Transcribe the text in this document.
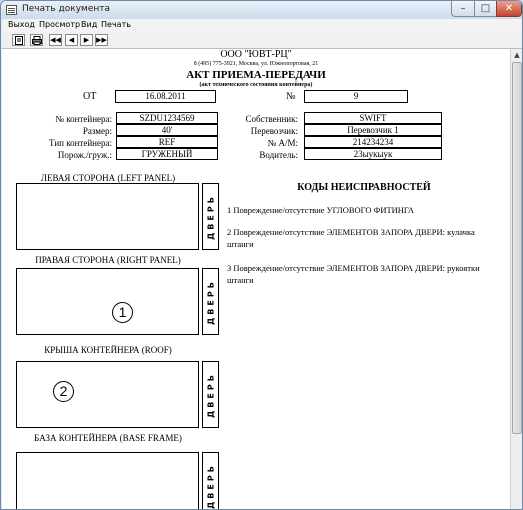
Печать документа	–	□	✕
Выход Просмотр Вид Печать
◀◀	◀	▶ ▶▶
ООО "ЮВТ-РЦ"
8 (495) 775-3921, Москва, ул. Южнопортовая, 21
АКТ ПРИЕМА-ПЕРЕДАЧИ
(акт технического состояния контейнера)
ОТ	16.08.2011	№	9
№ контейнера:	SZDU1234569
Размер:	40'
Тип контейнера:	REF
Порож./груж.:	ГРУЖЕНЫЙ
Собственник:	SWIFT
Перевозчик:	Перевозчик 1
№ А/М:	214234234
Водитель:	23ыукыук
ЛЕВАЯ СТОРОНА (LEFT PANEL)
ДВЕРЬ
ПРАВАЯ СТОРОНА (RIGHT PANEL)
1	ДВЕРЬ
КРЫША КОНТЕЙНЕРА (ROOF)
2	ДВЕРЬ
БАЗА КОНТЕЙНЕРА (BASE FRAME)
ДВЕРЬ
КОДЫ НЕИСПРАВНОСТЕЙ
1 Повреждение/отсутствие УГЛОВОГО ФИТИНГА
2 Повреждение/отсутствие ЭЛЕМЕНТОВ ЗАПОРА ДВЕРИ: кулачка штанги
3 Повреждение/отсутствие ЭЛЕМЕНТОВ ЗАПОРА ДВЕРИ: рукоятки штанги
▲
